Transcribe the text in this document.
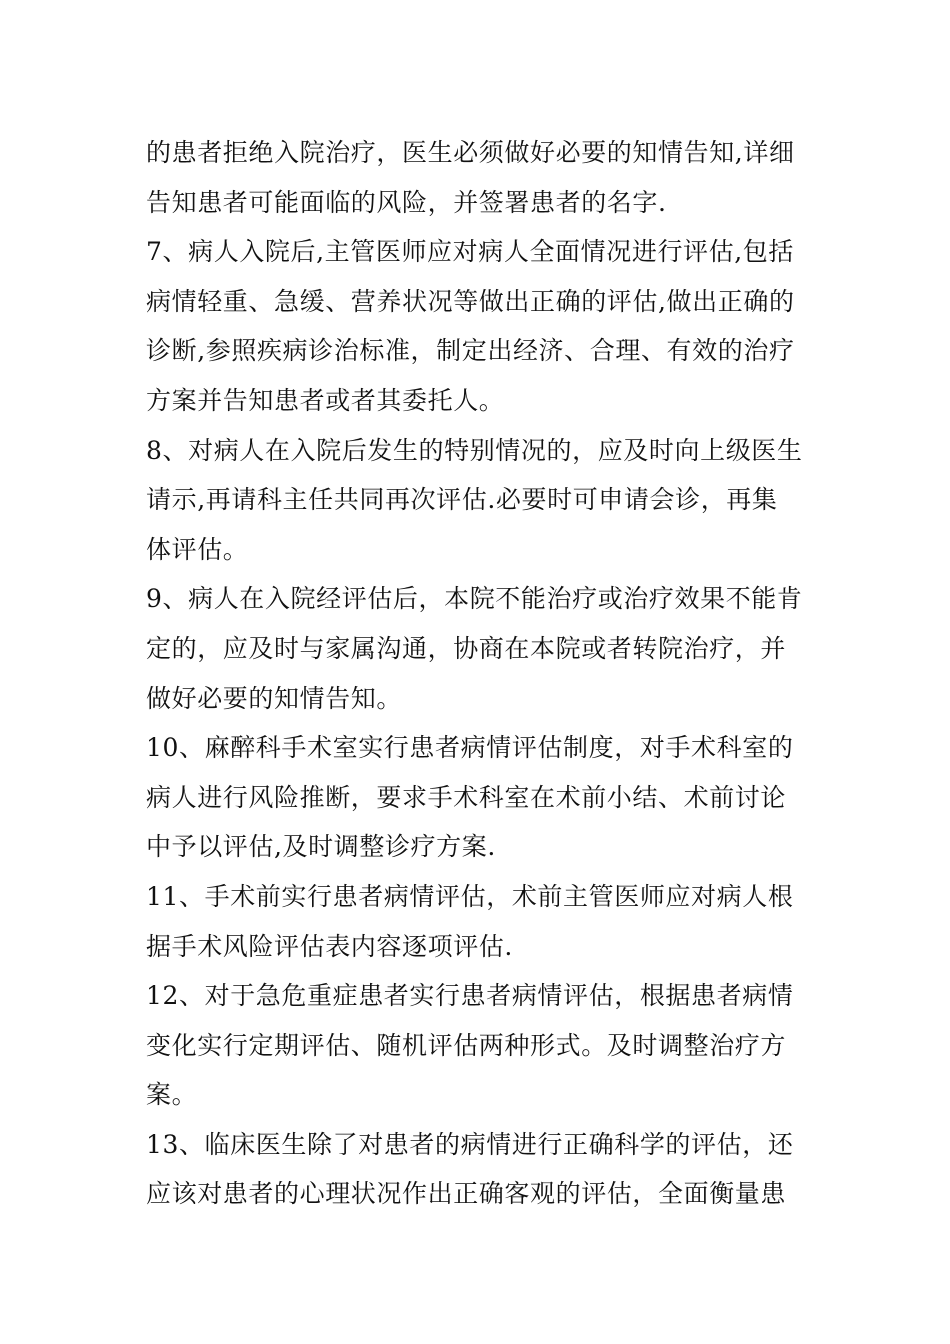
的患者拒绝入院治疗，医生必须做好必要的知情告知,详细
告知患者可能面临的风险，并签署患者的名字.
7、病人入院后,主管医师应对病人全面情况进行评估,包括
病情轻重、急缓、营养状况等做出正确的评估,做出正确的
诊断,参照疾病诊治标准，制定出经济、合理、有效的治疗
方案并告知患者或者其委托人。
8、对病人在入院后发生的特别情况的，应及时向上级医生
请示,再请科主任共同再次评估.必要时可申请会诊，再集
体评估。
9、病人在入院经评估后，本院不能治疗或治疗效果不能肯
定的，应及时与家属沟通，协商在本院或者转院治疗，并
做好必要的知情告知。
10、麻醉科手术室实行患者病情评估制度，对手术科室的
病人进行风险推断，要求手术科室在术前小结、术前讨论
中予以评估,及时调整诊疗方案.
11、手术前实行患者病情评估，术前主管医师应对病人根
据手术风险评估表内容逐项评估.
12、对于急危重症患者实行患者病情评估，根据患者病情
变化实行定期评估、随机评估两种形式。及时调整治疗方
案。
13、临床医生除了对患者的病情进行正确科学的评估，还
应该对患者的心理状况作出正确客观的评估，全面衡量患
